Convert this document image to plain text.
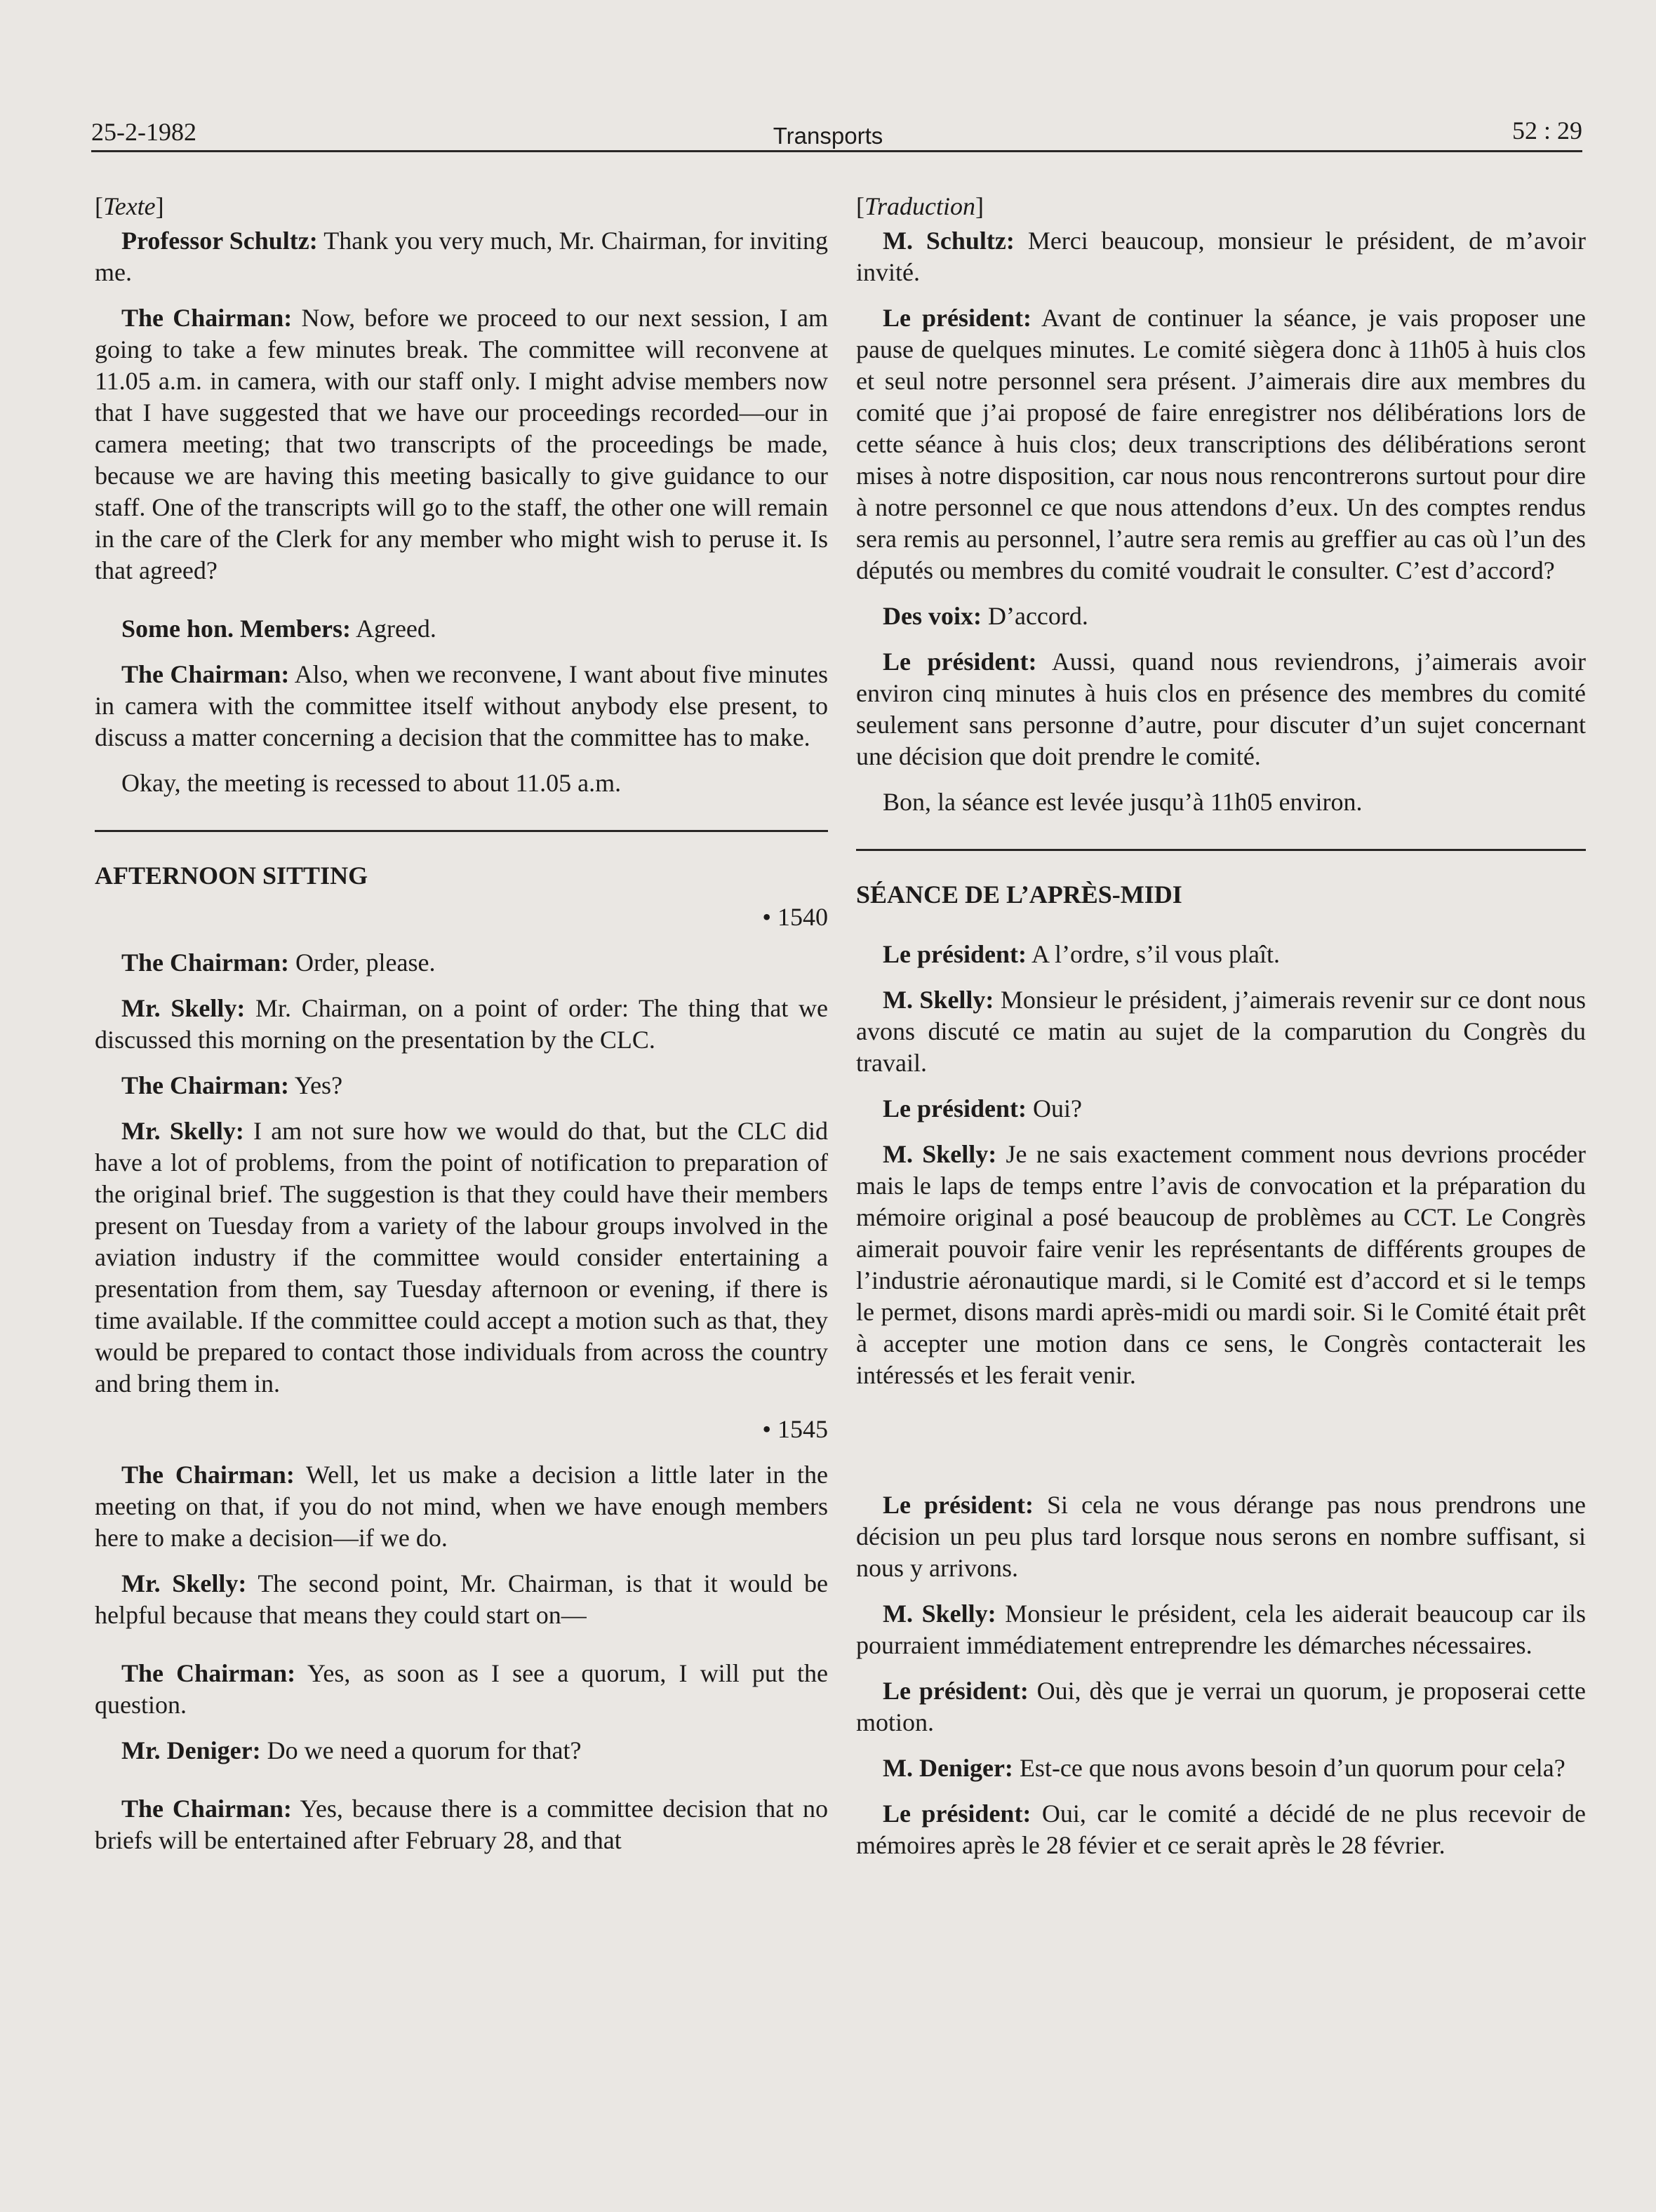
25-2-1982	Transports	52 : 29

[Texte]

Professor Schultz: Thank you very much, Mr. Chairman, for inviting me.

The Chairman: Now, before we proceed to our next session, I am going to take a few minutes break. The committee will reconvene at 11.05 a.m. in camera, with our staff only. I might advise members now that I have suggested that we have our proceedings recorded—our in camera meeting; that two transcripts of the proceedings be made, because we are having this meeting basically to give guidance to our staff. One of the transcripts will go to the staff, the other one will remain in the care of the Clerk for any member who might wish to peruse it. Is that agreed?

Some hon. Members: Agreed.

The Chairman: Also, when we reconvene, I want about five minutes in camera with the committee itself without anybody else present, to discuss a matter concerning a decision that the committee has to make.

Okay, the meeting is recessed to about 11.05 a.m.

AFTERNOON SITTING

• 1540

The Chairman: Order, please.

Mr. Skelly: Mr. Chairman, on a point of order: The thing that we discussed this morning on the presentation by the CLC.

The Chairman: Yes?

Mr. Skelly: I am not sure how we would do that, but the CLC did have a lot of problems, from the point of notification to preparation of the original brief. The suggestion is that they could have their members present on Tuesday from a variety of the labour groups involved in the aviation industry if the committee would consider entertaining a presentation from them, say Tuesday afternoon or evening, if there is time available. If the committee could accept a motion such as that, they would be prepared to contact those individuals from across the country and bring them in.

• 1545

The Chairman: Well, let us make a decision a little later in the meeting on that, if you do not mind, when we have enough members here to make a decision—if we do.

Mr. Skelly: The second point, Mr. Chairman, is that it would be helpful because that means they could start on—

The Chairman: Yes, as soon as I see a quorum, I will put the question.

Mr. Deniger: Do we need a quorum for that?

The Chairman: Yes, because there is a committee decision that no briefs will be entertained after February 28, and that

[Traduction]

M. Schultz: Merci beaucoup, monsieur le président, de m’avoir invité.

Le président: Avant de continuer la séance, je vais proposer une pause de quelques minutes. Le comité siègera donc à 11h05 à huis clos et seul notre personnel sera présent. J’aimerais dire aux membres du comité que j’ai proposé de faire enregistrer nos délibérations lors de cette séance à huis clos; deux transcriptions des délibérations seront mises à notre disposition, car nous nous rencontrerons surtout pour dire à notre personnel ce que nous attendons d’eux. Un des comptes rendus sera remis au personnel, l’autre sera remis au greffier au cas où l’un des députés ou membres du comité voudrait le consulter. C’est d’accord?

Des voix: D’accord.

Le président: Aussi, quand nous reviendrons, j’aimerais avoir environ cinq minutes à huis clos en présence des membres du comité seulement sans personne d’autre, pour discuter d’un sujet concernant une décision que doit prendre le comité.

Bon, la séance est levée jusqu’à 11h05 environ.

SÉANCE DE L’APRÈS-MIDI

Le président: A l’ordre, s’il vous plaît.

M. Skelly: Monsieur le président, j’aimerais revenir sur ce dont nous avons discuté ce matin au sujet de la comparution du Congrès du travail.

Le président: Oui?

M. Skelly: Je ne sais exactement comment nous devrions procéder mais le laps de temps entre l’avis de convocation et la préparation du mémoire original a posé beaucoup de problèmes au CCT. Le Congrès aimerait pouvoir faire venir les représentants de différents groupes de l’industrie aéronautique mardi, si le Comité est d’accord et si le temps le permet, disons mardi après-midi ou mardi soir. Si le Comité était prêt à accepter une motion dans ce sens, le Congrès contacterait les intéressés et les ferait venir.

Le président: Si cela ne vous dérange pas nous prendrons une décision un peu plus tard lorsque nous serons en nombre suffisant, si nous y arrivons.

M. Skelly: Monsieur le président, cela les aiderait beaucoup car ils pourraient immédiatement entreprendre les démarches nécessaires.

Le président: Oui, dès que je verrai un quorum, je proposerai cette motion.

M. Deniger: Est-ce que nous avons besoin d’un quorum pour cela?

Le président: Oui, car le comité a décidé de ne plus recevoir de mémoires après le 28 févier et ce serait après le 28 février.
